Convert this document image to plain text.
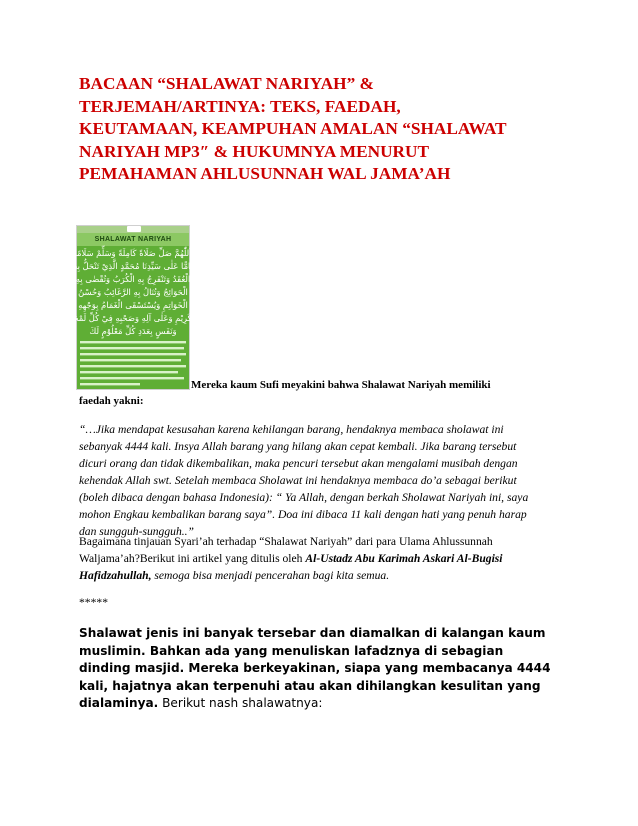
BACAAN “SHALAWAT NARIYAH” &
TERJEMAH/ARTINYA: TEKS, FAEDAH,
KEUTAMAAN, KEAMPUHAN AMALAN “SHALAWAT
NARIYAH MP3″ & HUKUMNYA MENURUT
PEMAHAMAN AHLUSUNNAH WAL JAMA’AH
Mereka kaum Sufi meyakini bahwa Shalawat Nariyah memiliki
faedah yakni:
“…Jika mendapat kesusahan karena kehilangan barang, hendaknya membaca sholawat ini
sebanyak 4444 kali. Insya Allah barang yang hilang akan cepat kembali. Jika barang tersebut
dicuri orang dan tidak dikembalikan, maka pencuri tersebut akan mengalami musibah dengan
kehendak Allah swt. Setelah membaca Sholawat ini hendaknya membaca do’a sebagai berikut
(boleh dibaca dengan bahasa Indonesia): “ Ya Allah, dengan berkah Sholawat Nariyah ini, saya
mohon Engkau kembalikan barang saya”. Doa ini dibaca 11 kali dengan hati yang penuh harap
dan sungguh-sungguh..”
Bagaimana tinjauan Syari’ah terhadap “Shalawat Nariyah” dari para Ulama Ahlussunnah
Waljama’ah?Berikut ini artikel yang ditulis oleh Al-Ustadz Abu Karimah Askari Al-Bugisi
Hafidzahullah, semoga bisa menjadi pencerahan bagi kita semua.
*****
Shalawat jenis ini banyak tersebar dan diamalkan di kalangan kaum
muslimin. Bahkan ada yang menuliskan lafadznya di sebagian
dinding masjid. Mereka berkeyakinan, siapa yang membacanya 4444
kali, hajatnya akan terpenuhi atau akan dihilangkan kesulitan yang
dialaminya. Berikut nash shalawatnya:
SHALAWAT NARIYAH
اَللّٰهُمَّ صَلِّ صَلَاةً كَامِلَةً وَسَلِّمْ سَلَامًا
تَامًّا عَلٰى سَيِّدِنَا مُحَمَّدٍ الَّذِيْ تَنْحَلُّ بِهِ
الْعُقَدُ وَتَنْفَرِجُ بِهِ الْكُرَبُ وَتُقْضٰى بِهِ
الْحَوَائِجُ وَتُنَالُ بِهِ الرَّغَائِبُ وَحُسْنُ
الْخَوَاتِمِ وَيُسْتَسْقَى الْغَمَامُ بِوَجْهِهِ
الْكَرِيْمِ وَعَلٰى آلِهِ وَصَحْبِهِ فِيْ كُلِّ لَمْحَةٍ
وَنَفَسٍ بِعَدَدِ كُلِّ مَعْلُوْمٍ لَكَ
